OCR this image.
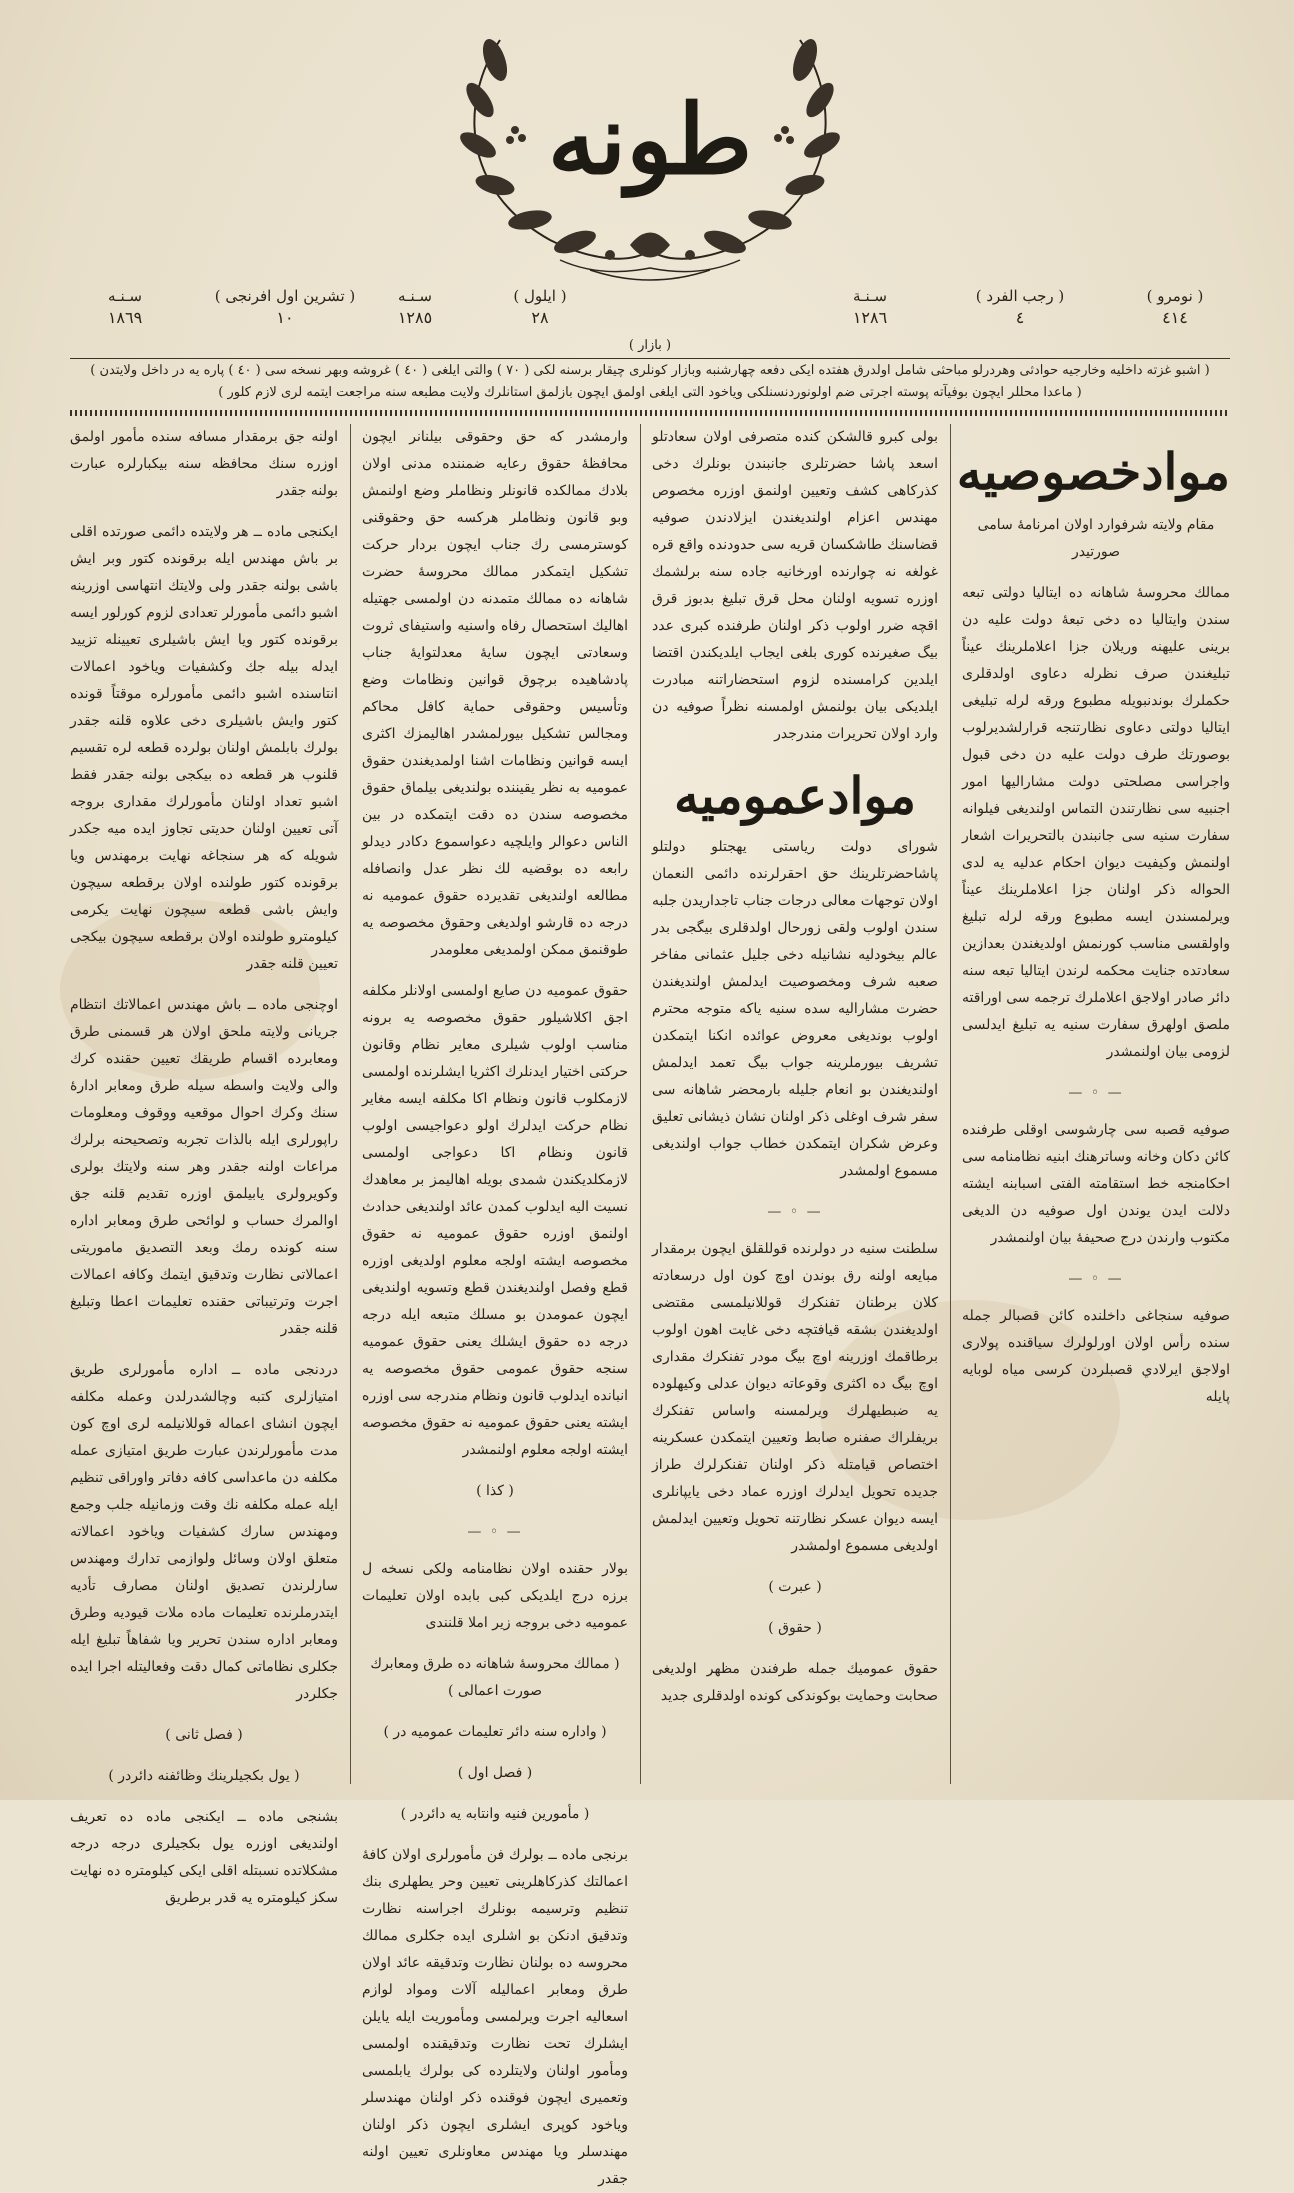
طونه
( نومرو )
٤١٤
( رجب الفرد )
٤
سـنـة
١٢٨٦
( ايلول )
٢٨
سـنـه
١٢٨٥
( تشرين اول افرنجى )
١٠
سـنـه
١٨٦٩
( بازار )
( اشبو غزته داخليه وخارجيه حوادثى وهردرلو مباحثى شامل اولدرق هفتده ايكى دفعه چهارشنبه وبازار كونلرى چيقار برسنه لكى ( ٧٠ ) والتى ايلغى ( ٤٠ ) غروشه وبهر نسخه سى ( ٤٠ ) پاره يه در داخل ولايتدن )
( ماعدا محللر ايچون بوفيآته پوسته اجرتى ضم اولونوردنسنلكى وياخود التى ايلغى اولمق ايچون بازلمق استانلرك ولايت مطبعه سنه مراجعت ايتمه لرى لازم كلور )
موادخصوصيه
مقام ولايته شرفوارد اولان امرنامهٔ سامى صورتيدر

ممالك محروسهٔ شاهانه ده ايتاليا دولتى تبعه سندن وايتاليا ده دخى تبعهٔ دولت عليه دن برينى عليهنه وريلان جزا اعلاملرينك عيناً تبليغندن صرف نظرله دعاوى اولدقلرى حكملرك بوندنبويله مطبوع ورقه لرله تبليغى ايتاليا دولتى دعاوى نظارتنجه قرارلشديرلوب بوصورتك طرف دولت عليه دن دخى قبول واجراسى مصلحتى دولت مشاراليها امور اجنبيه سى نظارتندن التماس اولنديغى فيلوانه سفارت سنيه سى جانبندن بالتحريرات اشعار اولنمش وكيفيت ديوان احكام عدليه يه لدى الحواله ذكر اولنان جزا اعلاملرينك عيناً ويرلمسندن ايسه مطبوع ورقه لرله تبليغ واولقسى مناسب كورنمش اولديغندن بعدازين سعادتده جنايت محكمه لرندن ايتاليا تبعه سنه دائر صادر اولاجق اعلاملرك ترجمه سى اوراقته ملصق اولهرق سفارت سنيه يه تبليغ ايدلسى لزومى بيان اولنمشدر

— ◦ —

صوفيه قصبه سى چارشوسى اوقلى طرفنده كائن دكان وخانه وساترهنك ابنيه نظامنامه سى احكامنجه خط استقامته الفتى اسبابنه ايشته دلالت ايدن يوندن اول صوفيه دن الديغى مكتوب وارندن درج صحيفهٔ بيان اولنمشدر

— ◦ —

صوفيه سنجاغى داخلنده كائن قصبالر جمله سنده رأس اولان اورلولرك سياقنده پولارى اولاجق ايرلادي قصبلردن كرسى مياه لوبايه پايله

بولى كبرو قالشكن كنده متصرفى اولان سعادتلو اسعد پاشا حضرتلرى جانبندن بونلرك دخى كذركاهى كشف وتعيين اولنمق اوزره مخصوص مهندس اعزام اولنديغندن ايزلادندن صوفيه قضاسنك طاشكسان قريه سى حدودنده واقع قره غولغه نه چوارنده اورخانيه جاده سنه برلشمك اوزره تسويه اولنان محل قرق تبليغ بدبوز قرق اقچه ضرر اولوب ذكر اولنان طرفنده كبرى عدد بيگ صغيرنده كورى بلغى ايجاب ايلديكندن اقتضا ايلدين كرامسنده لزوم استحضاراتنه مبادرت ايلديكى بيان بولنمش اولمسنه نظراً صوفيه دن وارد اولان تحريرات مندرجدر

موادعموميه

شوراى دولت رياستى يهجتلو دولتلو پاشاحضرتلرينك حق احقرلرنده دائمى النعمان اولان توجهات معالى درجات جناب تاجداريدن جلبه سندن اولوب ولقى زورحال اولدقلرى بيگجى بدر عالم بيخودليه نشانيله دخى جليل عثمانى مفاخر صعبه شرف ومخصوصيت ايدلمش اولنديغندن حضرت مشاراليه سده سنيه ياكه متوجه محترم اولوب بونديغى معروض عوائده انكنا ايتمكدن تشريف بيورملرينه جواب بيگ تعمد ايدلمش اولنديغندن بو انعام جليله بارمحضر شاهانه سى سفر شرف اوغلى ذكر اولنان نشان ذيشانى تعليق وعرض شكران ايتمكدن خطاب جواب اولنديغى مسموع اولمشدر

— ◦ —

سلطنت سنيه در دولرنده قوللقلق ايچون برمقدار مبايعه اولنه رق بوندن اوچ كون اول درسعادته كلان برطنان تفنكرك قوللانيلمسى مقتضى اولديغندن بشقه قيافتچه دخى غايت اهون اولوب برطاقمك اوزرينه اوچ بيگ مودر تفنكرك مقدارى اوچ بيگ ده اكثرى وقوعاته ديوان عدلى وكيهلوده يه ضبطيهلرك ويرلمسنه واساس تفنكرك بريفلراك صفنره صابط وتعيين ايتمكدن عسكرينه اختصاص قيامتله ذكر اولنان تفنكرلرك طراز جديده تحويل ايدلرك اوزره عماد دخى يايپانلرى ايسه ديوان عسكر نظارتنه تحويل وتعيين ايدلمش اولديغى مسموع اولمشدر

( عبرت )
( حقوق )

حقوق عموميك جمله طرفندن مظهر اولديغى صحابت وحمايت بوكوندكى كونده اولدقلرى جديد

وارمشدر كه حق وحقوقى بيلنانر ايچون محافظهٔ حقوق رعايه ضمننده مدنى اولان بلادك ممالكده قانونلر ونظاملر وضع اولنمش وبو قانون ونظاملر هركسه حق وحقوقنى كوسترمسى رك جناب ايچون بردار حركت تشكيل ايتمكدر ممالك محروسهٔ حضرت شاهانه ده ممالك متمدنه دن اولمسى جهتيله اهاليك استحصال رفاه واسنيه واستيفاى ثروت وسعادتى ايچون سايهٔ معدلتوايهٔ جناب پادشاهيده برچوق قوانين ونظامات وضع وتأسيس وحقوقى حماية كافل محاكم ومجالس تشكيل بيورلمشدر اهاليمزك اكثرى ايسه قوانين ونظامات اشنا اولمديغندن حقوق عموميه به نظر يقيننده بولنديغى بيلماق حقوق مخصوصه سندن ده دقت ايتمكده در بين الناس دعوالر وايلچيه دعواسموع دكادر ديدلو رابعه ده بوقضيه لك نظر عدل وانصافله مطالعه اولنديغى تقديرده حقوق عموميه نه درجه ده قارشو اولديغى وحقوق مخصوصه يه طوقنمق ممكن اولمديغى معلومدر

حقوق عموميه دن صايع اولمسى اولانلر مكلفه اجق اكلاشيلور حقوق مخصوصه يه برونه مناسب اولوب شيلرى معاير نظام وقانون حركتى اختيار ايدنلرك اكثريا ايشلرنده اولمسى لازمكلوب قانون ونظام اكا مكلفه ايسه مغاير نظام حركت ايدلرك اولو دعواجيسى اولوب قانون ونظام اكا دعواجى اولمسى لازمكلديكندن شمدى بويله اهاليمز بر معاهدك نسيت اليه ايدلوب كمدن عائد اولنديغى حدادث اولنمق اوزره حقوق عموميه نه حقوق مخصوصه ايشته اولجه معلوم اولديغى اوزره قطع وفصل اولنديغندن قطع وتسويه اولنديغى ايچون عمومدن بو مسلك متبعه ايله درجه درجه ده حقوق ايشلك يعنى حقوق عموميه سنجه حقوق عمومى حقوق مخصوصه يه انبانده ايدلوب قانون ونظام مندرجه سى اوزره ايشته يعنى حقوق عموميه نه حقوق مخصوصه ايشته اولجه معلوم اولنمشدر

( كذا )
— ◦ —

بولار حقنده اولان نظامنامه ولكى نسخه ل برزه درج ايلديكى كبى بابده اولان تعليمات عموميه دخى بروجه زير املا قلنندى

( ممالك محروسهٔ شاهانه ده طرق ومعابرك صورت اعمالى )
( واداره سنه دائر تعليمات عموميه در )
( فصل اول )
( مأمورين فنيه وانتابه يه دائردر )

برنجى ماده ــ بولرك فن مأمورلرى اولان كافهٔ اعمالتك كذركاهلرينى تعيين وحر يطهلرى بنك تنظيم وترسيمه بونلرك اجراسنه نظارت وتدقيق ادنكن بو اشلرى ايده جكلرى ممالك محروسه ده بولنان نظارت وتدقيقه عائد اولان طرق ومعابر اعماليله آلات ومواد لوازم اسعاليه اجرت ويرلمسى ومأموريت ايله يايلن ايشلرك تحت نظارت وتدقيقنده اولمسى ومأمور اولنان ولايتلرده كى بولرك يابلمسى وتعميرى ايچون فوقنده ذكر اولنان مهندسلر وياخود كوپرى ايشلرى ايچون ذكر اولنان مهندسلر ويا مهندس معاونلرى تعيين اولنه جقدر

اولنه جق برمقدار مسافه سنده مأمور اولمق اوزره سنك محافظه سنه بيكبارلره عبارت بولنه جقدر

ايكنجى ماده ــ هر ولايتده دائمى صورتده اقلى بر باش مهندس ايله برقونده كتور وبر ايش باشى بولنه جقدر ولى ولايتك انتهاسى اوزرينه اشبو دائمى مأمورلر تعدادى لزوم كورلور ايسه برقونده كتور ويا ايش باشيلرى تعيينله تزييد ايدله بيله جك وكشفيات وياخود اعمالات انتاسنده اشبو دائمى مأمورلره موقتاً قونده كتور وايش باشيلرى دخى علاوه قلنه جقدر بولرك بابلمش اولنان بولرده قطعه لره تقسيم قلنوب هر قطعه ده بيكجى بولنه جقدر فقط اشبو تعداد اولنان مأمورلرك مقدارى بروجه آتى تعيين اولنان حديتى تجاوز ايده ميه جكدر شويله كه هر سنجاغه نهايت برمهندس ويا برقونده كتور طولنده اولان برقطعه سيچون وايش باشى قطعه سيچون نهايت يكرمى كيلومترو طولنده اولان برقطعه سيچون بيكجى تعيين قلنه جقدر

اوچنجى ماده ــ باش مهندس اعمالاتك انتظام جريانى ولايته ملحق اولان هر قسمنى طرق ومعابرده اقسام طريقك تعيين حقنده كرك والى ولايت واسطه سيله طرق ومعابر ادارهٔ سنك وكرك احوال موقعيه ووقوف ومعلومات راپورلرى ايله بالذات تجربه وتصحيحنه برلرك مراعات اولنه جقدر وهر سنه ولايتك بولرى وكويرولرى يابيلمق اوزره تقديم قلنه جق اوالمرك حساب و لوائحى طرق ومعابر اداره سنه كونده رمك وبعد التصديق ماموريتى اعمالاتى نظارت وتدقيق ايتمك وكافه اعمالات اجرت وترتيباتى حقنده تعليمات اعطا وتبليغ قلنه جقدر

دردنجى ماده ــ اداره مأمورلرى طريق امتيازلرى كتبه وچالشدرلدن وعمله مكلفه ايچون انشاى اعماله قوللانيلمه لرى اوچ كون مدت مأمورلرندن عبارت طريق امتيازى عمله مكلفه دن ماعداسى كافه دفاتر واوراقى تنظيم ايله عمله مكلفه نك وقت وزمانيله جلب وجمع ومهندس سارك كشفيات وياخود اعمالاته متعلق اولان وسائل ولوازمى تدارك ومهندس سارلرندن تصديق اولنان مصارف تأديه ايتدرملرنده تعليمات ماده ملات قيوديه وطرق ومعابر اداره سندن تحرير ويا شفاهاً تبليغ ايله جكلرى نظاماتى كمال دقت وفعاليتله اجرا ايده جكلردر

( فصل ثانى )
( يول بكجيلرينك وظائفنه دائردر )

بشنجى ماده ــ ايكنجى ماده ده تعريف اولنديغى اوزره يول بكجيلرى درجه درجه مشكلاتده نسبتله اقلى ايكى كيلومتره ده نهايت سكز كيلومتره يه قدر برطريق
